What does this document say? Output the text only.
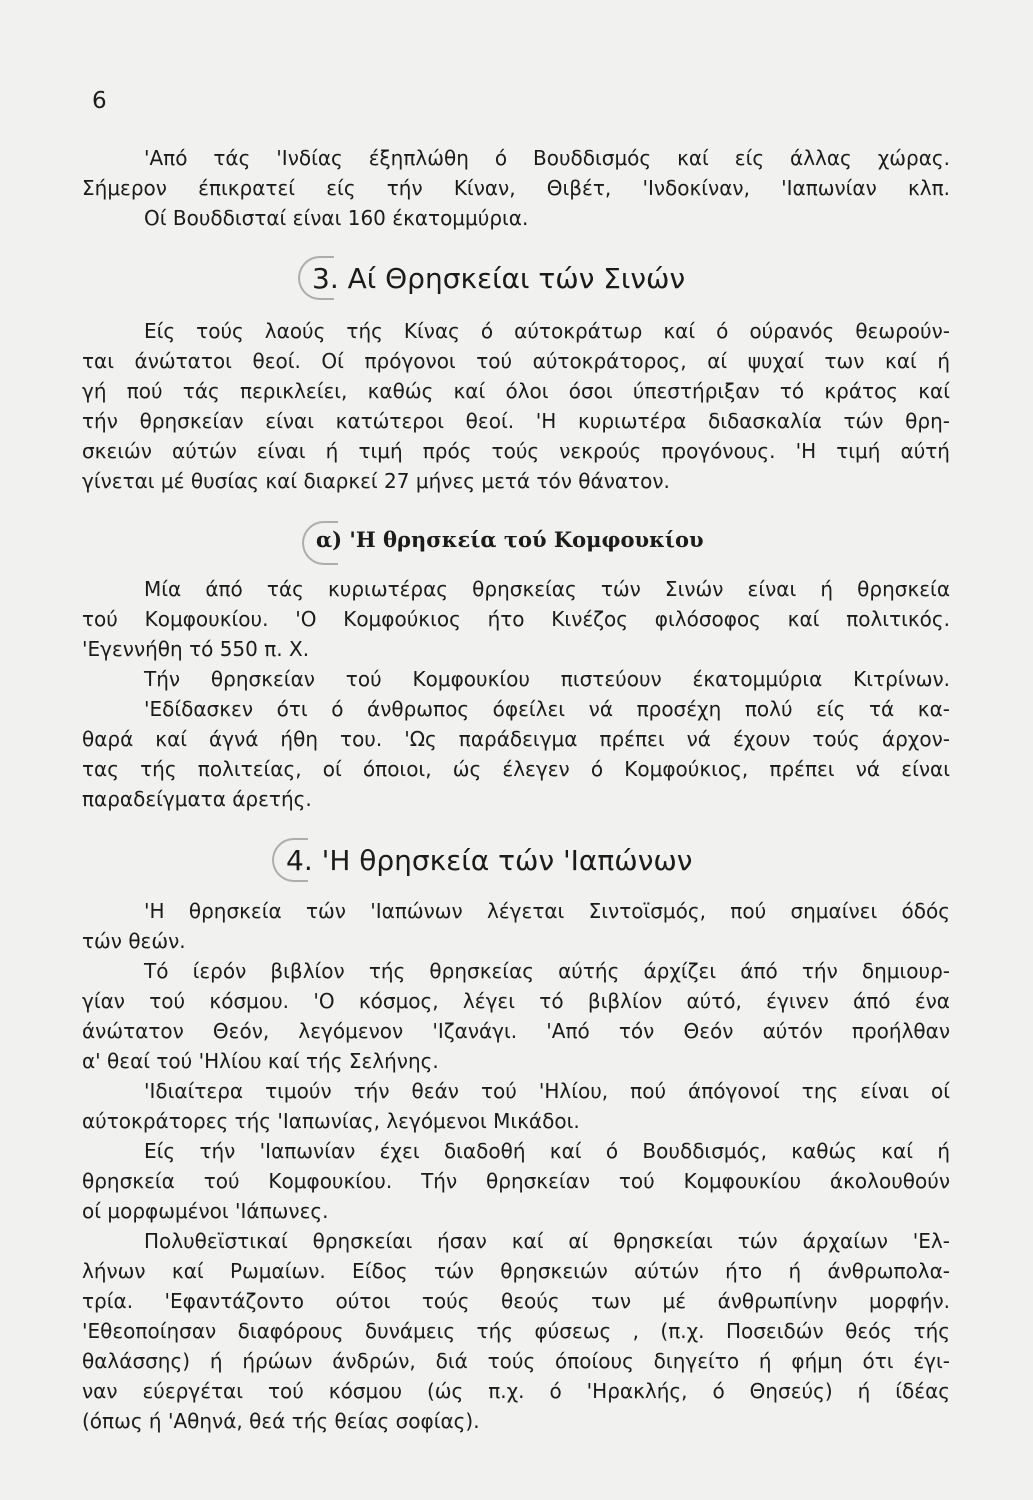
6
'Από τάς 'Ινδίας έξηπλώθη ό Βουδδισμός καί είς άλλας χώρας.
Σήμερον έπικρατεί είς τήν Κίναν, Θιβέτ, 'Ινδοκίναν, 'Ιαπωνίαν κλπ.
Οί Βουδδισταί είναι 160 έκατομμύρια.
3. Αί Θρησκείαι τών Σινών
Είς τούς λαούς τής Κίνας ό αύτοκράτωρ καί ό ούρανός θεωρούν-
ται άνώτατοι θεοί. Οί πρόγονοι τού αύτοκράτορος, αί ψυχαί των καί ή
γή πού τάς περικλείει, καθώς καί όλοι όσοι ύπεστήριξαν τό κράτος καί
τήν θρησκείαν είναι κατώτεροι θεοί. 'Η κυριωτέρα διδασκαλία τών θρη-
σκειών αύτών είναι ή τιμή πρός τούς νεκρούς προγόνους. 'Η τιμή αύτή
γίνεται μέ θυσίας καί διαρκεί 27 μήνες μετά τόν θάνατον.
α) 'Η θρησκεία τού Κομφουκίου
Μία άπό τάς κυριωτέρας θρησκείας τών Σινών είναι ή θρησκεία
τού Κομφουκίου. 'Ο Κομφούκιος ήτο Κινέζος φιλόσοφος καί πολιτικός.
'Εγεννήθη τό 550 π. Χ.
Τήν θρησκείαν τού Κομφουκίου πιστεύουν έκατομμύρια Κιτρίνων.
'Εδίδασκεν ότι ό άνθρωπος όφείλει νά προσέχη πολύ είς τά κα-
θαρά καί άγνά ήθη του. 'Ως παράδειγμα πρέπει νά έχουν τούς άρχον-
τας τής πολιτείας, οί όποιοι, ώς έλεγεν ό Κομφούκιος, πρέπει νά είναι
παραδείγματα άρετής.
4. 'Η θρησκεία τών 'Ιαπώνων
'Η θρησκεία τών 'Ιαπώνων λέγεται Σιντοϊσμός, πού σημαίνει όδός
τών θεών.
Τό ίερόν βιβλίον τής θρησκείας αύτής άρχίζει άπό τήν δημιουρ-
γίαν τού κόσμου. 'Ο κόσμος, λέγει τό βιβλίον αύτό, έγινεν άπό ένα
άνώτατον Θεόν, λεγόμενον 'Ιζανάγι. 'Από τόν Θεόν αύτόν προήλθαν
α' θεαί τού 'Ηλίου καί τής Σελήνης.
'Ιδιαίτερα τιμούν τήν θεάν τού 'Ηλίου, πού άπόγονοί της είναι οί
αύτοκράτορες τής 'Ιαπωνίας, λεγόμενοι Μικάδοι.
Είς τήν 'Ιαπωνίαν έχει διαδοθή καί ό Βουδδισμός, καθώς καί ή
θρησκεία τού Κομφουκίου. Τήν θρησκείαν τού Κομφουκίου άκολουθούν
οί μορφωμένοι 'Ιάπωνες.
Πολυθεϊστικαί θρησκείαι ήσαν καί αί θρησκείαι τών άρχαίων 'Ελ-
λήνων καί Ρωμαίων. Είδος τών θρησκειών αύτών ήτο ή άνθρωπολα-
τρία. 'Εφαντάζοντο ούτοι τούς θεούς των μέ άνθρωπίνην μορφήν.
'Εθεοποίησαν διαφόρους δυνάμεις τής φύσεως , (π.χ. Ποσειδών θεός τής
θαλάσσης) ή ήρώων άνδρών, διά τούς όποίους διηγείτο ή φήμη ότι έγι-
ναν εύεργέται τού κόσμου (ώς π.χ. ό 'Ηρακλής, ό Θησεύς) ή ίδέας
(όπως ή 'Αθηνά, θεά τής θείας σοφίας).
